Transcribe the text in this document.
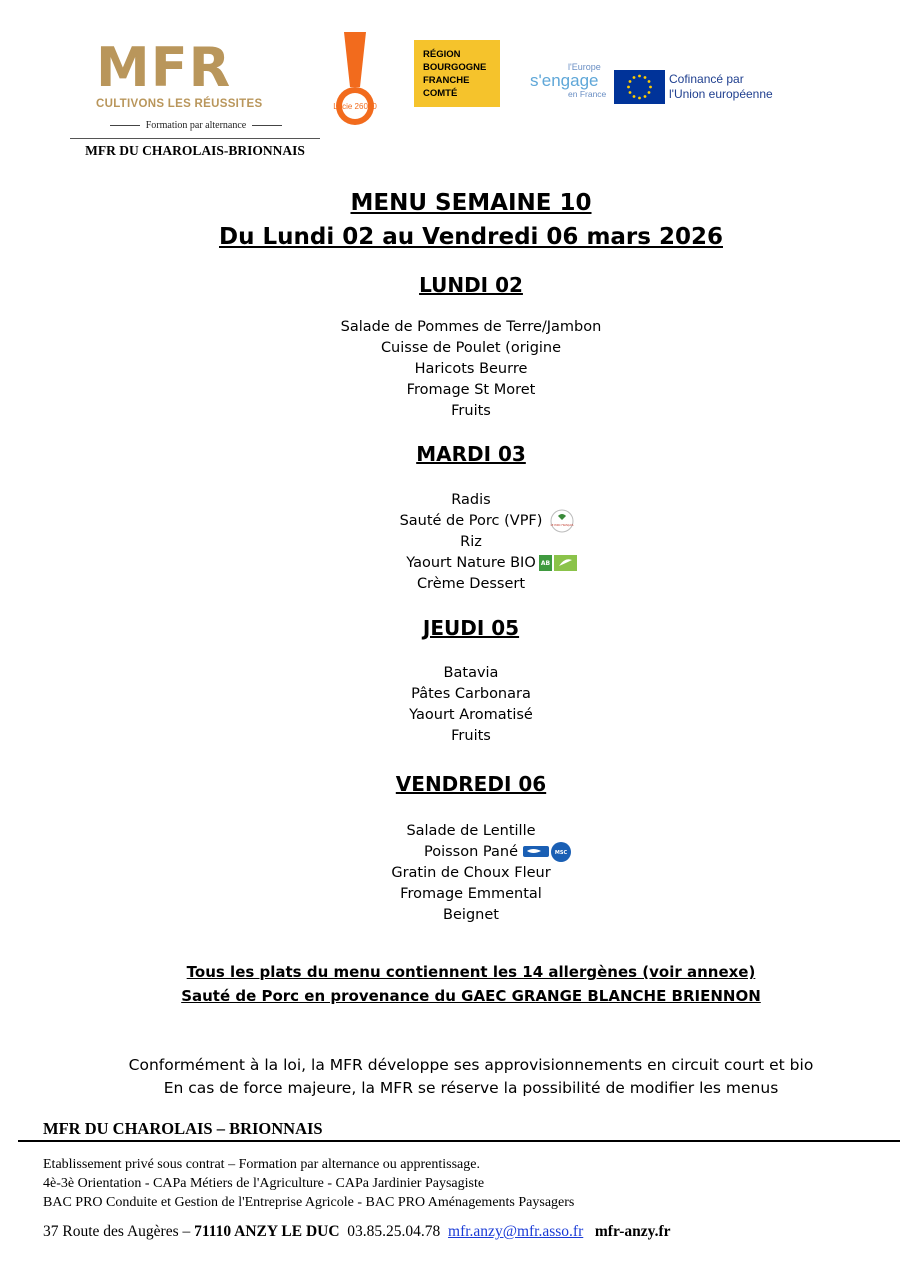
MFR
CULTIVONS LES RÉUSSITES
Formation par alternance
MFR DU CHAROLAIS-BRIONNAIS
Lucie 26000
RÉGION
BOURGOGNE
FRANCHE
COMTÉ
l'Europe
s'engage
en France
Cofinancé par
l'Union européenne
MENU SEMAINE 10
Du Lundi 02 au Vendredi 06 mars 2026
LUNDI 02
Salade de Pommes de Terre/Jambon
Cuisse de Poulet (origine
Haricots Beurre
Fromage St Moret
Fruits
MARDI 03
Radis
Sauté de Porc (VPF)	LE PORC FRANÇAIS
Riz
Yaourt Nature BIO AB
Crème Dessert
JEUDI 05
Batavia
Pâtes Carbonara
Yaourt Aromatisé
Fruits
VENDREDI 06
Salade de Lentille
Poisson Pané	MSC
Gratin de Choux Fleur
Fromage Emmental
Beignet
Tous les plats du menu contiennent les 14 allergènes (voir annexe)
Sauté de Porc en provenance du GAEC GRANGE BLANCHE BRIENNON
Conformément à la loi, la MFR développe ses approvisionnements en circuit court et bio
En cas de force majeure, la MFR se réserve la possibilité de modifier les menus
MFR DU CHAROLAIS – BRIONNAIS
Etablissement privé sous contrat – Formation par alternance ou apprentissage.
4è-3è Orientation - CAPa Métiers de l'Agriculture - CAPa Jardinier Paysagiste
BAC PRO Conduite et Gestion de l'Entreprise Agricole - BAC PRO Aménagements Paysagers
37 Route des Augères – 71110 ANZY LE DUC 03.85.25.04.78 mfr.anzy@mfr.asso.fr mfr-anzy.fr
